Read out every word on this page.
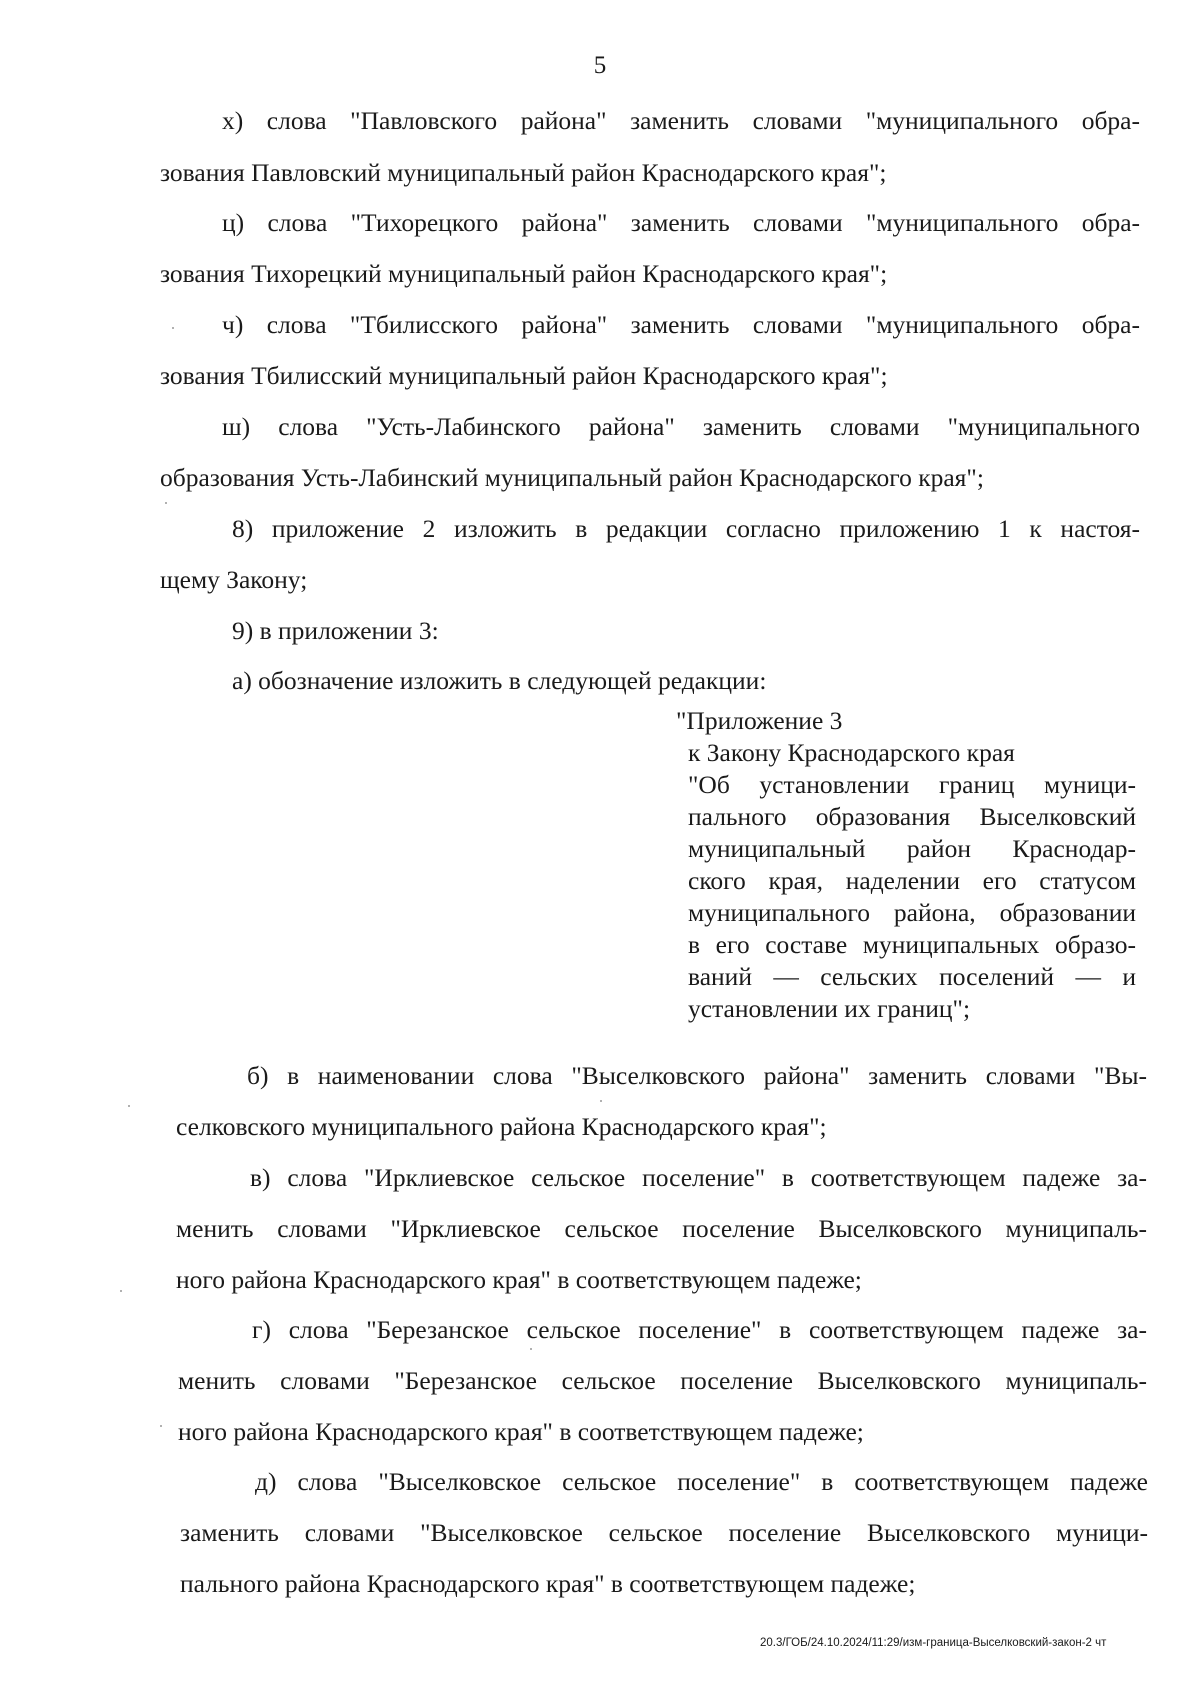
5
х) слова "Павловского района" заменить словами "муниципального обра-
зования Павловский муниципальный район Краснодарского края";
ц) слова "Тихорецкого района" заменить словами "муниципального обра-
зования Тихорецкий муниципальный район Краснодарского края";
ч) слова "Тбилисского района" заменить словами "муниципального обра-
зования Тбилисский муниципальный район Краснодарского края";
ш) слова "Усть-Лабинского района" заменить словами "муниципального
образования Усть-Лабинский муниципальный район Краснодарского края";
8) приложение 2 изложить в редакции согласно приложению 1 к настоя-
щему Закону;
9) в приложении 3:
а) обозначение изложить в следующей редакции:
"Приложение 3
к Закону Краснодарского края
"Об установлении границ муници-
пального образования Выселковский
муниципальный район Краснодар-
ского края, наделении его статусом
муниципального района, образовании
в его составе муниципальных образо-
ваний — сельских поселений — и
установлении их границ";
б) в наименовании слова "Выселковского района" заменить словами "Вы-
селковского муниципального района Краснодарского края";
в) слова "Ирклиевское сельское поселение" в соответствующем падеже за-
менить словами "Ирклиевское сельское поселение Выселковского муниципаль-
ного района Краснодарского края" в соответствующем падеже;
г) слова "Березанское сельское поселение" в соответствующем падеже за-
менить словами "Березанское сельское поселение Выселковского муниципаль-
ного района Краснодарского края" в соответствующем падеже;
д) слова "Выселковское сельское поселение" в соответствующем падеже
заменить словами "Выселковское сельское поселение Выселковского муници-
пального района Краснодарского края" в соответствующем падеже;
20.3/ГОБ/24.10.2024/11:29/изм-граница-Выселковский-закон-2 чт
